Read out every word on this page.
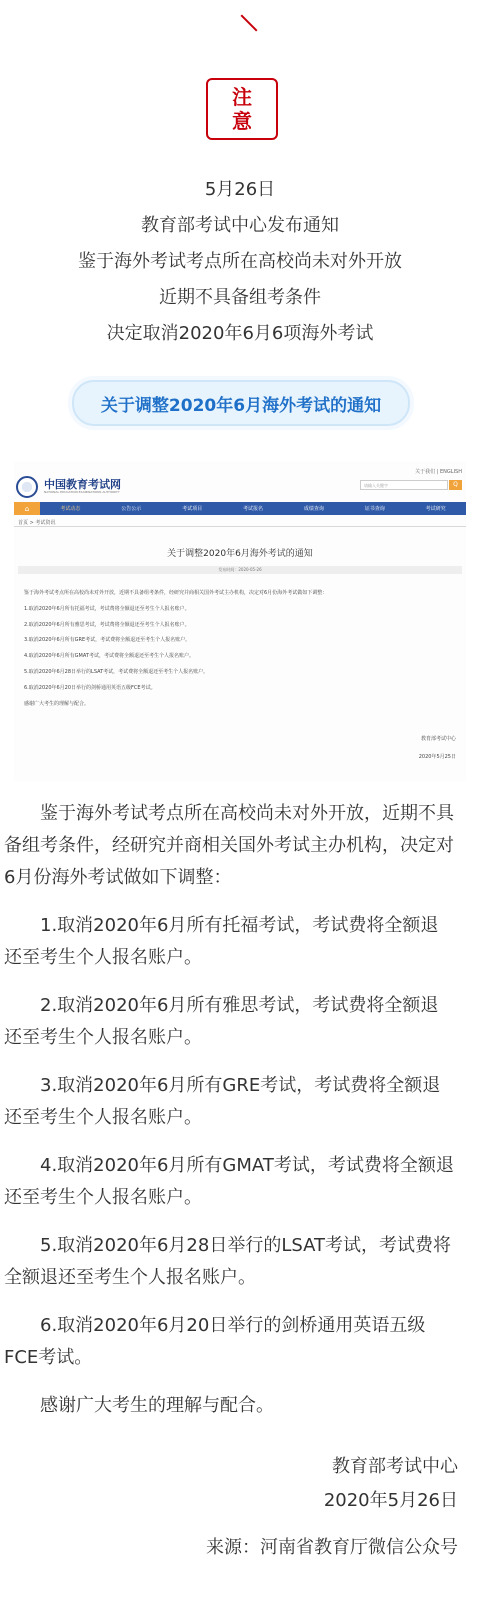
注
意
5月26日
教育部考试中心发布通知
鉴于海外考试考点所在高校尚未对外开放
近期不具备组考条件
决定取消2020年6月6项海外考试
关于调整2020年6月海外考试的通知
关于我们 | ENGLISH
中国教育考试网
NATIONAL EDUCATION EXAMINATIONS AUTHORITY
请输入关键字	Q
⌂	考试动态	公告公示	考试项目	考试报名	成绩查询	证书查询	考试研究
首页 > 考试资讯
关于调整2020年6月海外考试的通知
发布时间：2020-05-26
鉴于海外考试考点所在高校尚未对外开放，近期不具备组考条件，经研究并商相关国外考试主办机构，决定对6月份海外考试做如下调整：
1.取消2020年6月所有托福考试，考试费将全额退还至考生个人报名账户。
2.取消2020年6月所有雅思考试，考试费将全额退还至考生个人报名账户。
3.取消2020年6月所有GRE考试，考试费将全额退还至考生个人报名账户。
4.取消2020年6月所有GMAT考试，考试费将全额退还至考生个人报名账户。
5.取消2020年6月28日举行的LSAT考试，考试费将全额退还至考生个人报名账户。
6.取消2020年6月20日举行的剑桥通用英语五级FCE考试。
感谢广大考生的理解与配合。
教育部考试中心
2020年5月25日

鉴于海外考试考点所在高校尚未对外开放，近期不具备组考条件，经研究并商相关国外考试主办机构，决定对6月份海外考试做如下调整：

1.取消2020年6月所有托福考试，考试费将全额退还至考生个人报名账户。

2.取消2020年6月所有雅思考试，考试费将全额退还至考生个人报名账户。

3.取消2020年6月所有GRE考试，考试费将全额退还至考生个人报名账户。

4.取消2020年6月所有GMAT考试，考试费将全额退还至考生个人报名账户。

5.取消2020年6月28日举行的LSAT考试，考试费将全额退还至考生个人报名账户。

6.取消2020年6月20日举行的剑桥通用英语五级FCE考试。

感谢广大考生的理解与配合。

教育部考试中心
2020年5月26日
来源：河南省教育厅微信公众号
